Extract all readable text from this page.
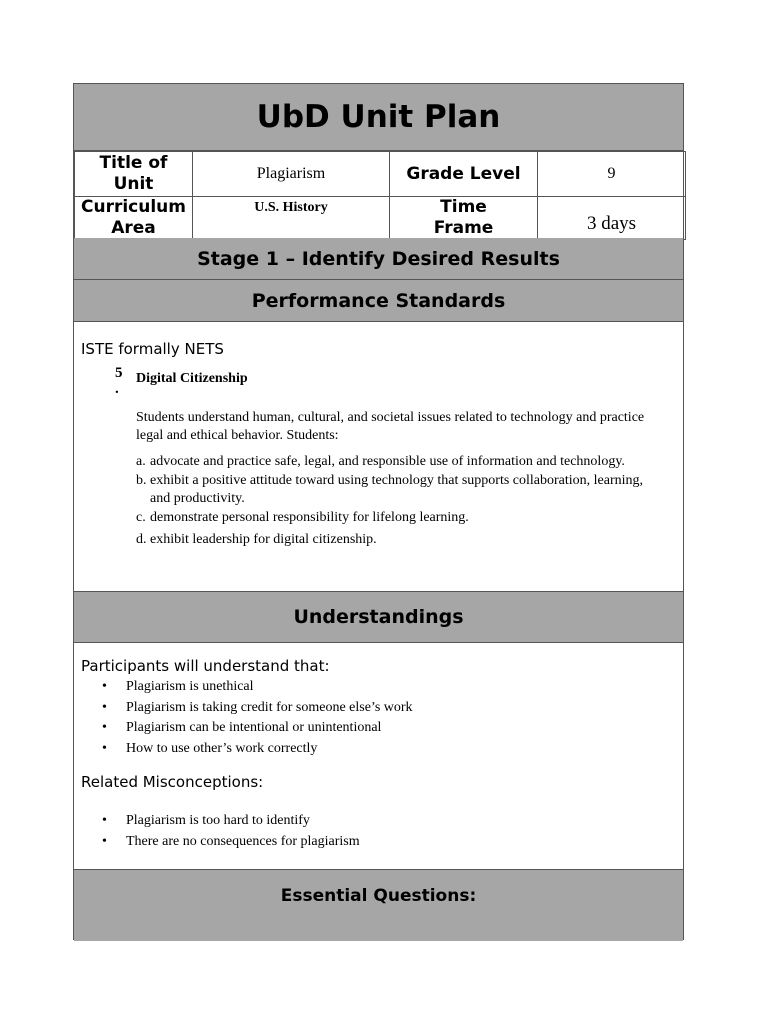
UbD Unit Plan
Title of Unit	Plagiarism	Grade Level	9
Curriculum Area	U.S. History	Time Frame	3 days
Stage 1 – Identify Desired Results
Performance Standards
ISTE formally NETS
5
.
Digital Citizenship
Students understand human, cultural, and societal issues related to technology and practice legal and ethical behavior. Students:
a. advocate and practice safe, legal, and responsible use of information and technology.
b. exhibit a positive attitude toward using technology that supports collaboration, learning, and productivity.
c. demonstrate personal responsibility for lifelong learning.
d. exhibit leadership for digital citizenship.
Understandings
Participants will understand that:
•	Plagiarism is unethical
•	Plagiarism is taking credit for someone else’s work
•	Plagiarism can be intentional or unintentional
•	How to use other’s work correctly
Related Misconceptions:
•	Plagiarism is too hard to identify
•	There are no consequences for plagiarism
Essential Questions:
